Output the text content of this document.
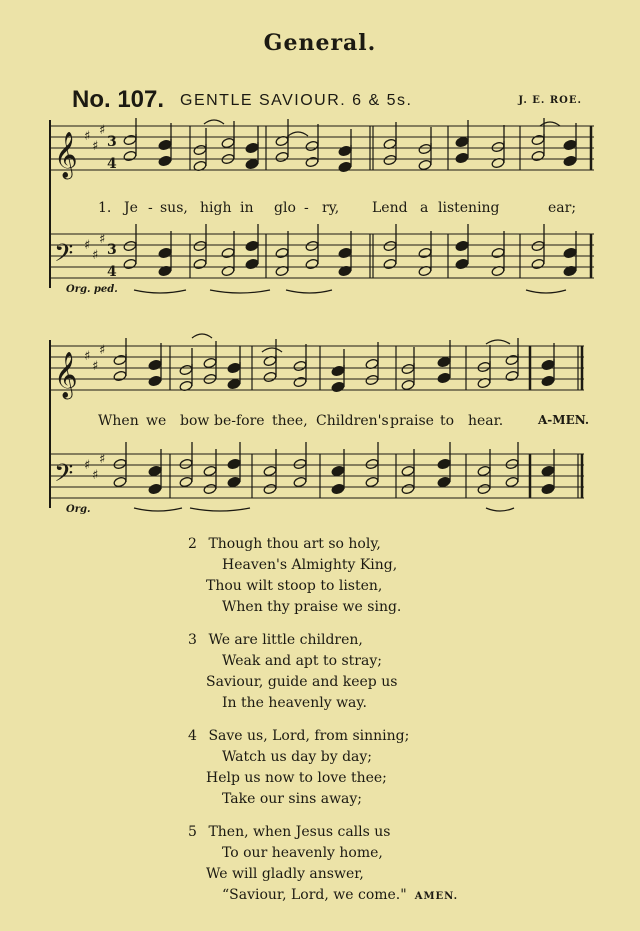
General.
No. 107. GENTLE SAVIOUR. 6 & 5s.	J. E. ROE.
𝄞
𝄢
𝄞
𝄢
♯
♯
♯
♯
♯
♯
♯
♯
♯
♯
♯
♯
3
4
3
4
1. Je - sus, high in glo - ry, Lend a listening	ear;
Org. ped.
When we bow be-fore thee, Children's praise to hear.	A-MEN.
Org.
2 Though thou art so holy,
Heaven's Almighty King,
Thou wilt stoop to listen,
When thy praise we sing.
3 We are little children,
Weak and apt to stray;
Saviour, guide and keep us
In the heavenly way.
4 Save us, Lord, from sinning;
Watch us day by day;
Help us now to love thee;
Take our sins away;
5 Then, when Jesus calls us
To our heavenly home,
We will gladly answer,
“Saviour, Lord, we come." AMEN.
